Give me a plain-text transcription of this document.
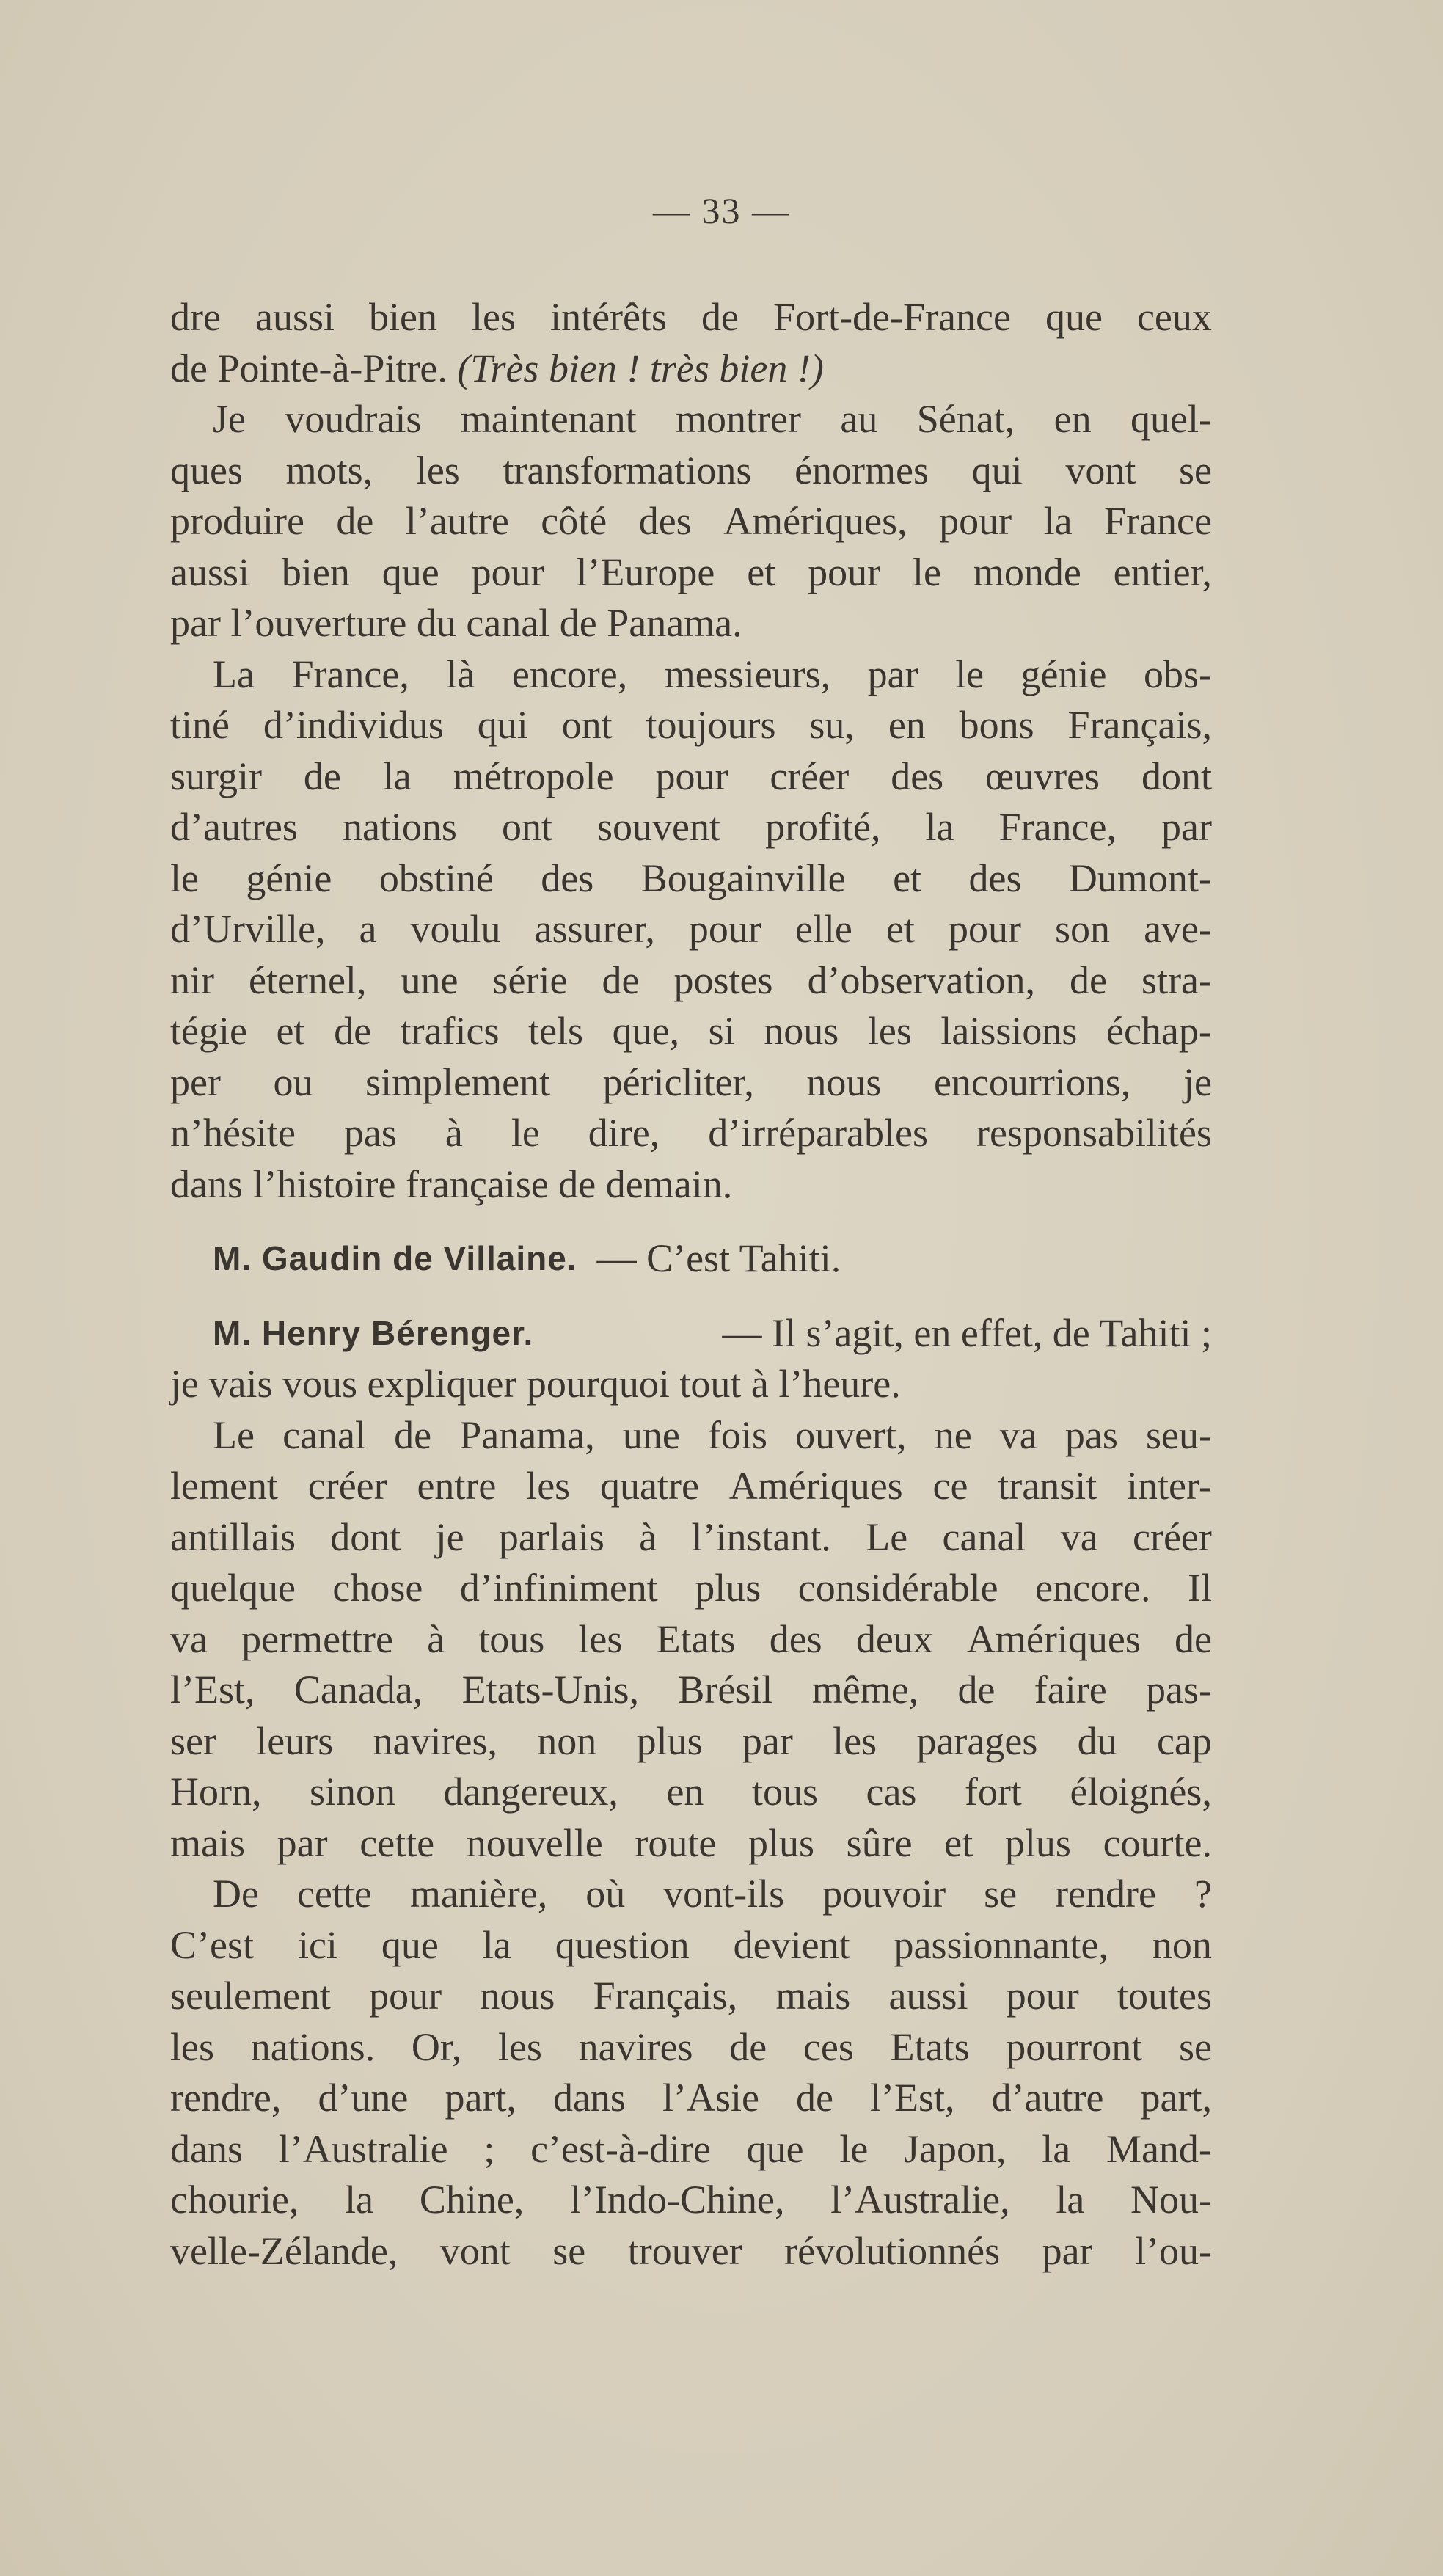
— 33 —
dre aussi bien les intérêts de Fort-de-France que ceux
de Pointe-à-Pitre.
(Très bien ! très bien !)
Je voudrais maintenant montrer au Sénat, en quel-
ques mots, les transformations énormes qui vont se
produire de l’autre côté des Amériques, pour la France
aussi bien que pour l’Europe et pour le monde entier,
par l’ouverture du canal de Panama.
La France, là encore, messieurs, par le génie obs-
tiné d’individus qui ont toujours su, en bons Français,
surgir de la métropole pour créer des œuvres dont
d’autres nations ont souvent profité, la France, par
le génie obstiné des Bougainville et des Dumont-
d’Urville, a voulu assurer, pour elle et pour son ave-
nir éternel, une série de postes d’observation, de stra-
tégie et de trafics tels que, si nous les laissions échap-
per ou simplement péricliter, nous encourrions, je
n’hésite pas à le dire, d’irréparables responsabilités
dans l’histoire française de demain.
M. Gaudin de Villaine.
— C’est Tahiti.
M. Henry Bérenger.
	— Il s’agit, en effet, de Tahiti ;
je vais vous expliquer pourquoi tout à l’heure.
Le canal de Panama, une fois ouvert, ne va pas seu-
lement créer entre les quatre Amériques ce transit inter-
antillais dont je parlais à l’instant. Le canal va créer
quelque chose d’infiniment plus considérable encore. Il
va permettre à tous les Etats des deux Amériques de
l’Est, Canada, Etats-Unis, Brésil même, de faire pas-
ser leurs navires, non plus par les parages du cap
Horn, sinon dangereux, en tous cas fort éloignés,
mais par cette nouvelle route plus sûre et plus courte.
De cette manière, où vont-ils pouvoir se rendre ?
C’est ici que la question devient passionnante, non
seulement pour nous Français, mais aussi pour toutes
les nations. Or, les navires de ces Etats pourront se
rendre, d’une part, dans l’Asie de l’Est, d’autre part,
dans l’Australie ; c’est-à-dire que le Japon, la Mand-
chourie, la Chine, l’Indo-Chine, l’Australie, la Nou-
velle-Zélande, vont se trouver révolutionnés par l’ou-
